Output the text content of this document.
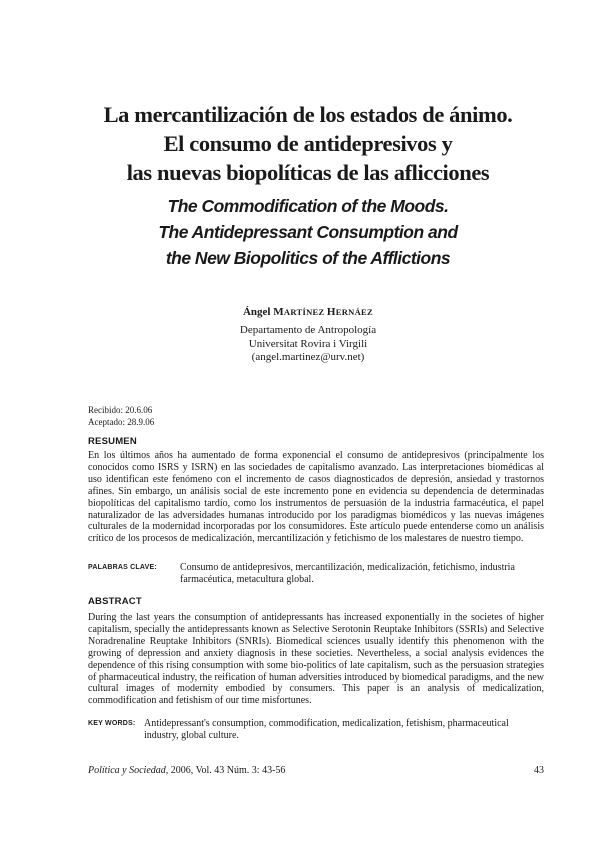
La mercantilización de los estados de ánimo.
El consumo de antidepresivos y
las nuevas biopolíticas de las aflicciones

The Commodification of the Moods.
The Antidepressant Consumption and
the New Biopolitics of the Afflictions

Ángel MARTÍNEZ HERNÁEZ
Departamento de Antropología
Universitat Rovira i Virgili
(angel.martinez@urv.net)
Recibido: 20.6.06
Aceptado: 28.9.06
RESUMEN
En los últimos años ha aumentado de forma exponencial el consumo de antidepresivos (principalmente los conocidos como ISRS y ISRN) en las sociedades de capitalismo avanzado. Las interpretaciones biomédicas al uso identifican este fenómeno con el incremento de casos diagnosticados de depresión, ansiedad y trastornos afines. Sin embargo, un análisis social de este incremento pone en evidencia su dependencia de determinadas biopolíticas del capitalismo tardío, como los instrumentos de persuasión de la industria farmacéutica, el papel naturalizador de las adversidades humanas introducido por los paradigmas biomédicos y las nuevas imágenes culturales de la modernidad incorporadas por los consumidores. Este artículo puede entenderse como un análisis crítico de los procesos de medicalización, mercantilización y fetichismo de los malestares de nuestro tiempo.
PALABRAS CLAVE:	Consumo de antidepresivos, mercantilización, medicalización, fetichismo, industria farmacéutica, metacultura global.
ABSTRACT
During the last years the consumption of antidepressants has increased exponentially in the societes of higher capitalism, specially the antidepressants known as Selective Serotonin Reuptake Inhibitors (SSRIs) and Selective Noradrenaline Reuptake Inhibitors (SNRIs). Biomedical sciences usually identify this phenomenon with the growing of depression and anxiety diagnosis in these societies. Nevertheless, a social analysis evidences the dependence of this rising consumption with some bio-politics of late capitalism, such as the persuasion strategies of pharmaceutical industry, the reification of human adversities introduced by biomedical paradigms, and the new cultural images of modernity embodied by consumers. This paper is an analysis of medicalization, commodification and fetishism of our time misfortunes.
KEY WORDS: Antidepressant's consumption, commodification, medicalization, fetishism, pharmaceutical industry, global culture.
Política y Sociedad, 2006, Vol. 43 Núm. 3: 43-56	43
